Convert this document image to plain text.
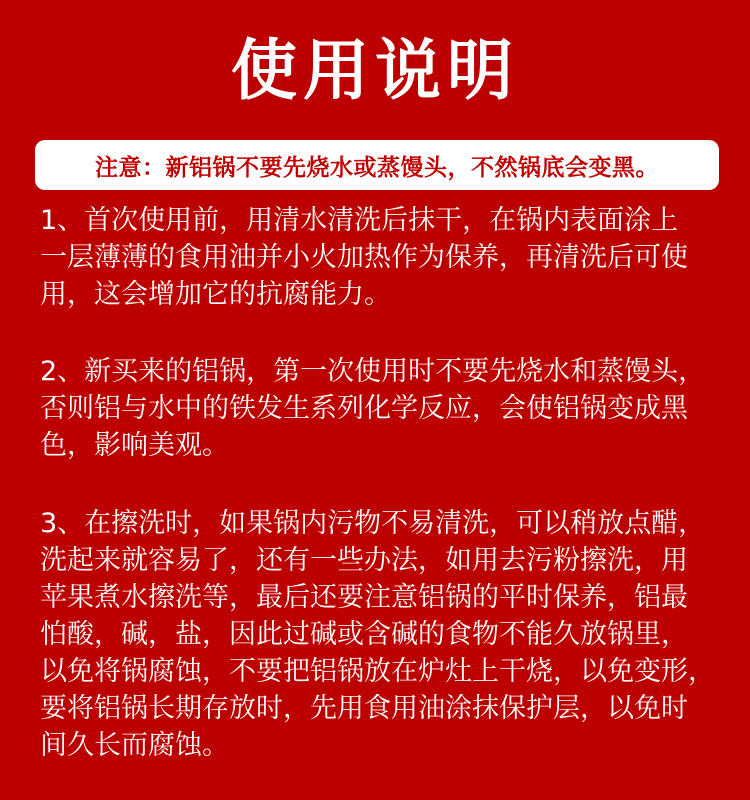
使用说明
注意：新铝锅不要先烧水或蒸馒头，不然锅底会变黑。

1、首次使用前，用清水清洗后抹干，在锅内表面涂上
一层薄薄的食用油并小火加热作为保养，再清洗后可使
用，这会增加它的抗腐能力。

2、新买来的铝锅，第一次使用时不要先烧水和蒸馒头，
否则铝与水中的铁发生系列化学反应，会使铝锅变成黑
色，影响美观。

3、在擦洗时，如果锅内污物不易清洗，可以稍放点醋，
洗起来就容易了，还有一些办法，如用去污粉擦洗，用
苹果煮水擦洗等，最后还要注意铝锅的平时保养，铝最
怕酸，碱，盐，因此过碱或含碱的食物不能久放锅里，
以免将锅腐蚀，不要把铝锅放在炉灶上干烧，以免变形，
要将铝锅长期存放时，先用食用油涂抹保护层，以免时
间久长而腐蚀。
